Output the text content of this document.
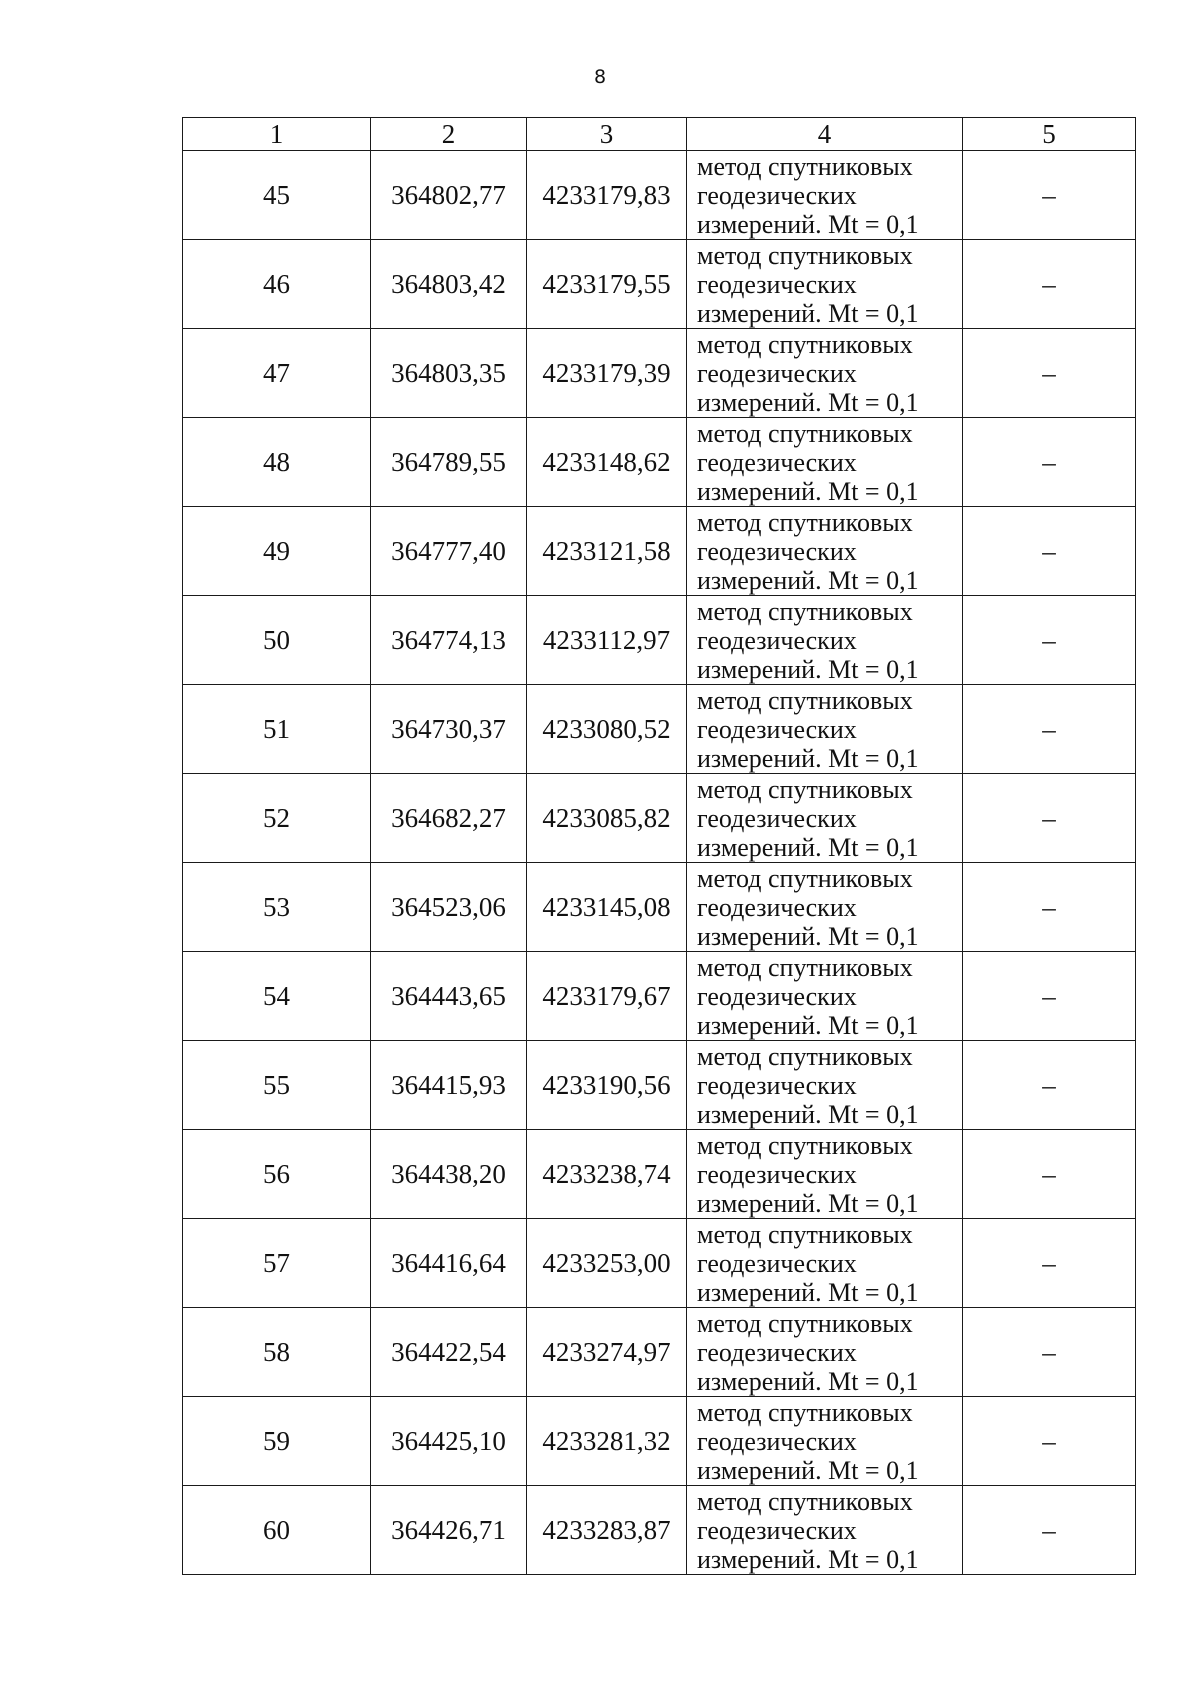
8
1	2	3	4	5
45	364802,77	4233179,83	метод спутниковых
геодезических
измерений. Mt = 0,1	–
46	364803,42	4233179,55	метод спутниковых
геодезических
измерений. Mt = 0,1	–
47	364803,35	4233179,39	метод спутниковых
геодезических
измерений. Mt = 0,1	–
48	364789,55	4233148,62	метод спутниковых
геодезических
измерений. Mt = 0,1	–
49	364777,40	4233121,58	метод спутниковых
геодезических
измерений. Mt = 0,1	–
50	364774,13	4233112,97	метод спутниковых
геодезических
измерений. Mt = 0,1	–
51	364730,37	4233080,52	метод спутниковых
геодезических
измерений. Mt = 0,1	–
52	364682,27	4233085,82	метод спутниковых
геодезических
измерений. Mt = 0,1	–
53	364523,06	4233145,08	метод спутниковых
геодезических
измерений. Mt = 0,1	–
54	364443,65	4233179,67	метод спутниковых
геодезических
измерений. Mt = 0,1	–
55	364415,93	4233190,56	метод спутниковых
геодезических
измерений. Mt = 0,1	–
56	364438,20	4233238,74	метод спутниковых
геодезических
измерений. Mt = 0,1	–
57	364416,64	4233253,00	метод спутниковых
геодезических
измерений. Mt = 0,1	–
58	364422,54	4233274,97	метод спутниковых
геодезических
измерений. Mt = 0,1	–
59	364425,10	4233281,32	метод спутниковых
геодезических
измерений. Mt = 0,1	–
60	364426,71	4233283,87	метод спутниковых
геодезических
измерений. Mt = 0,1	–
